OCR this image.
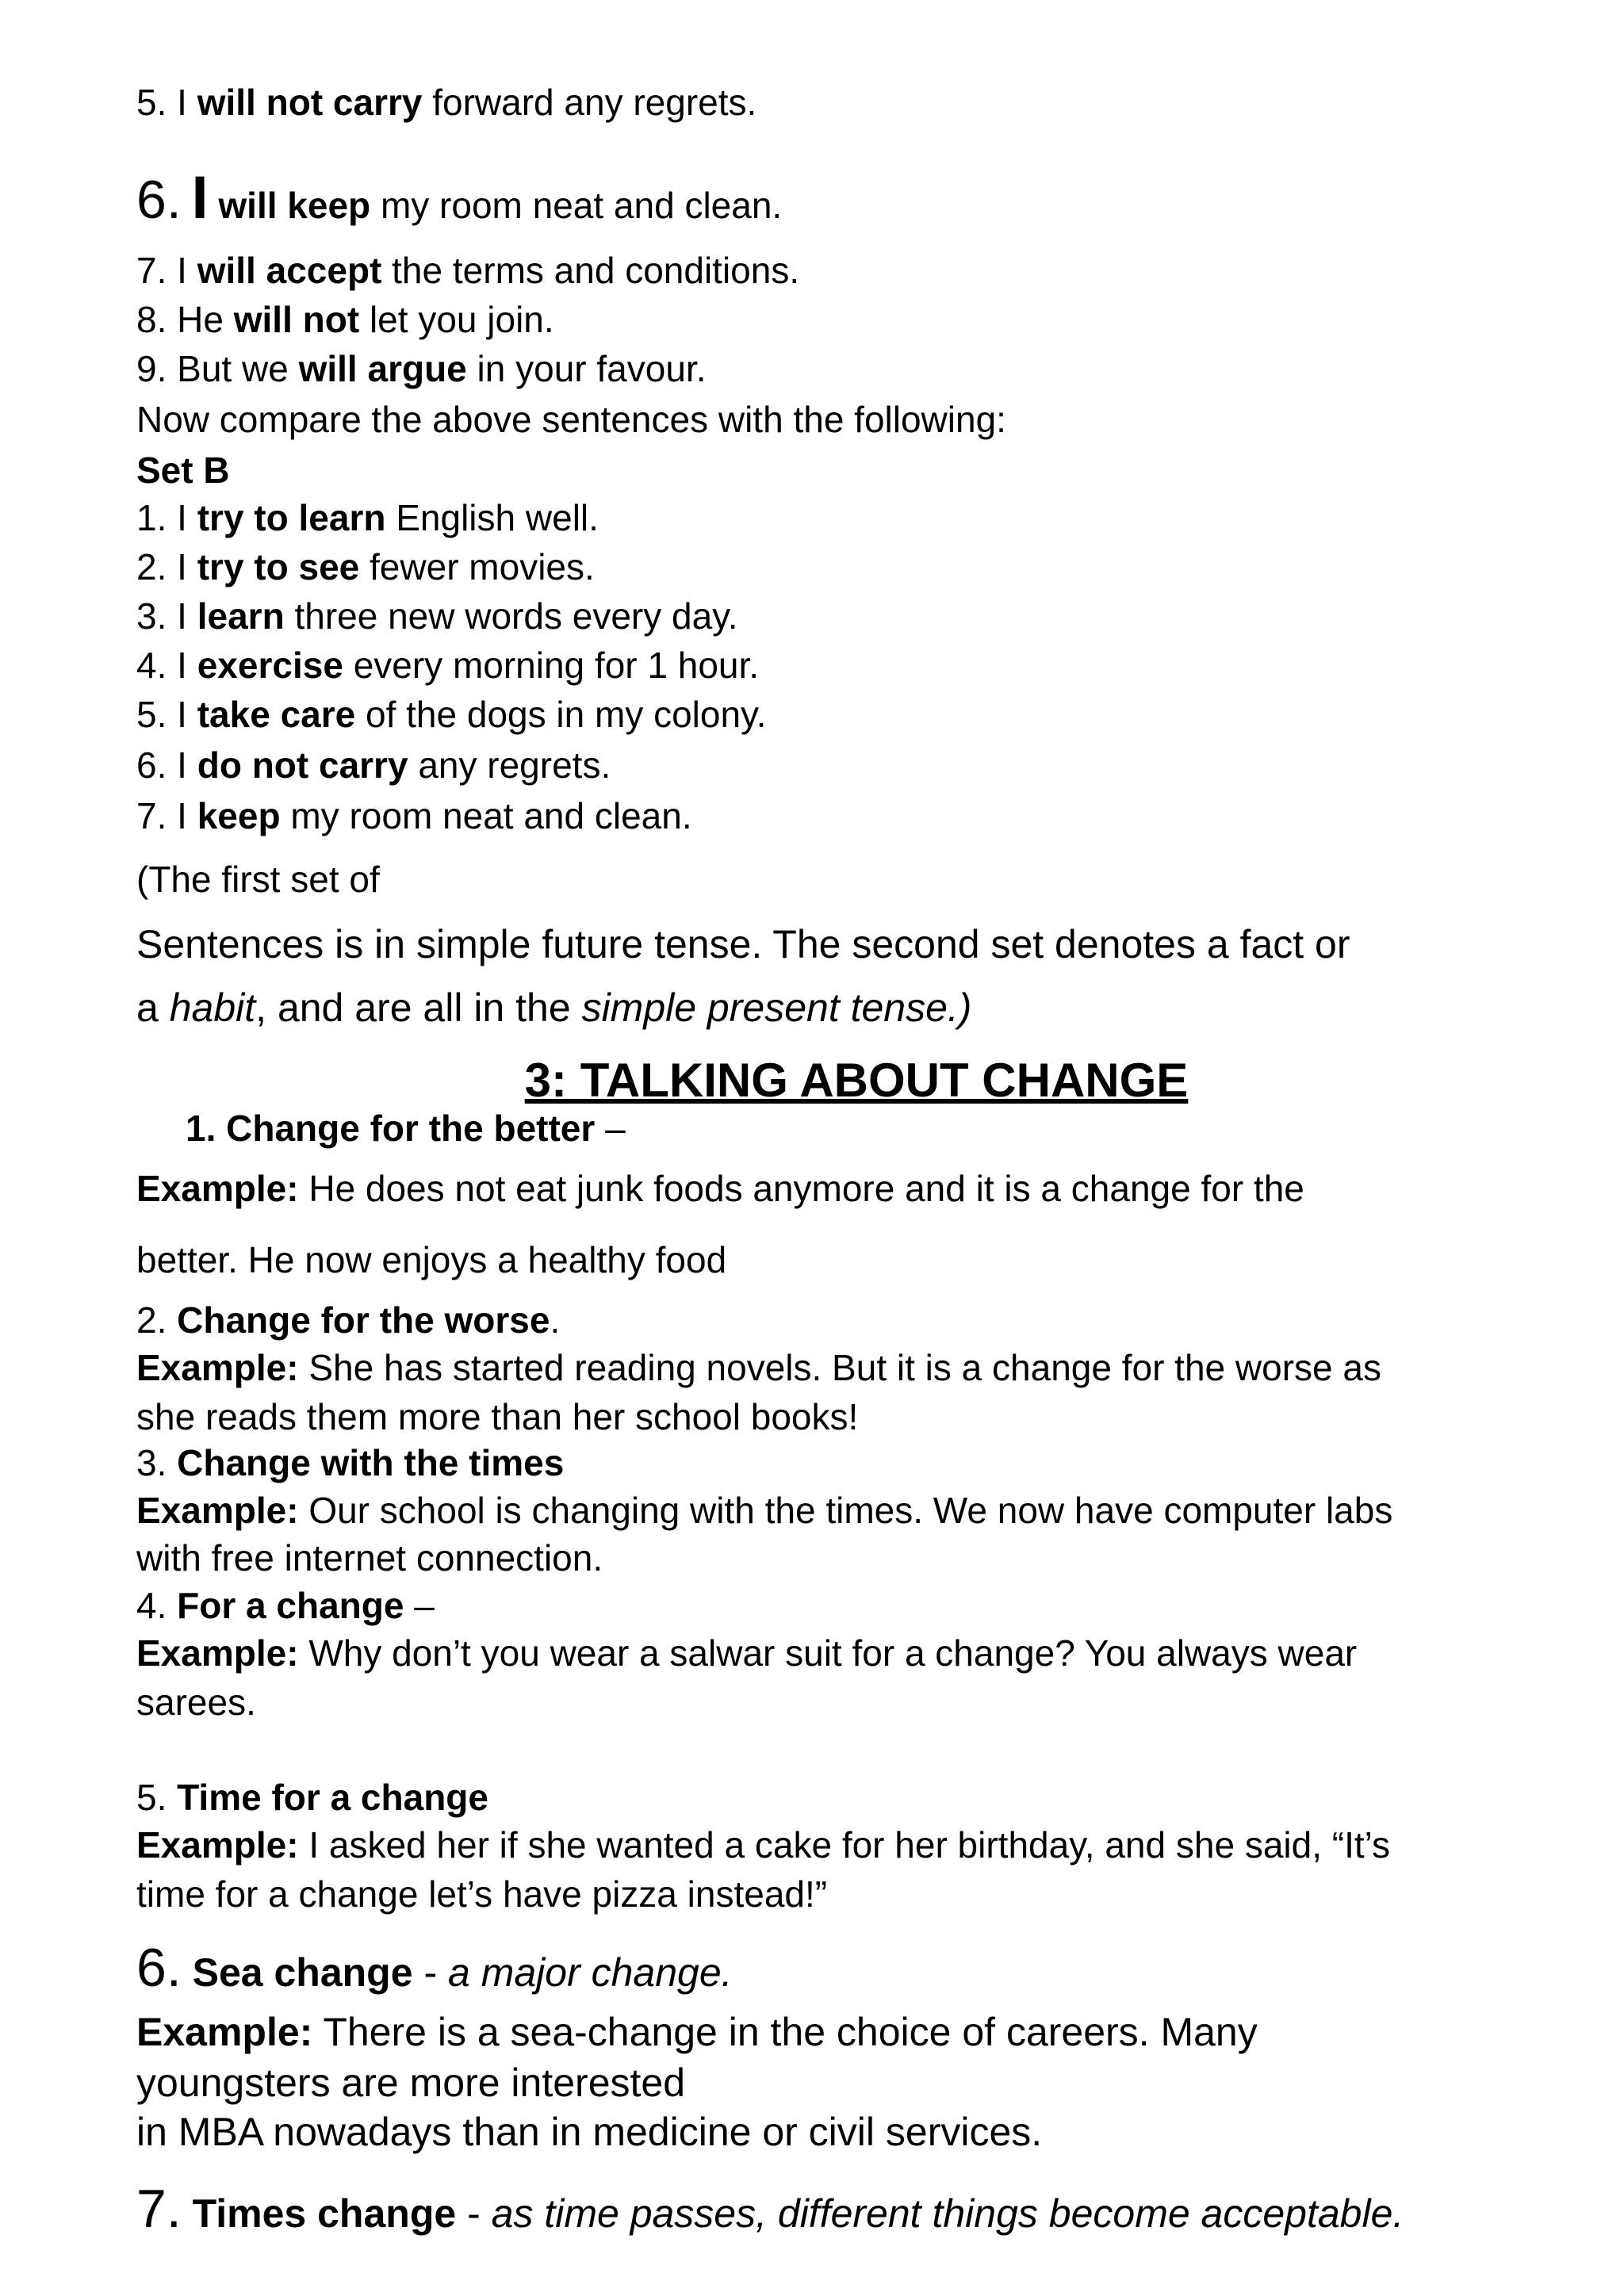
5. I will not carry forward any regrets.
6. I will keep my room neat and clean.
7. I will accept the terms and conditions.
8. He will not let you join.
9. But we will argue in your favour.
Now compare the above sentences with the following:
Set B
1. I try to learn English well.
2. I try to see fewer movies.
3. I learn three new words every day.
4. I exercise every morning for 1 hour.
5. I take care of the dogs in my colony.
6. I do not carry any regrets.
7. I keep my room neat and clean.
(The first set of
Sentences is in simple future tense. The second set denotes a fact or
a habit, and are all in the simple present tense.)
3: TALKING ABOUT CHANGE
1. Change for the better –
Example: He does not eat junk foods anymore and it is a change for the
better. He now enjoys a healthy food
2. Change for the worse.
Example: She has started reading novels. But it is a change for the worse as
she reads them more than her school books!
3. Change with the times
Example: Our school is changing with the times. We now have computer labs
with free internet connection.
4. For a change –
Example: Why don’t you wear a salwar suit for a change? You always wear
sarees.
5. Time for a change
Example: I asked her if she wanted a cake for her birthday, and she said, “It’s
time for a change let’s have pizza instead!”
6. Sea change - a major change.
Example: There is a sea-change in the choice of careers. Many
youngsters are more interested
in MBA nowadays than in medicine or civil services.
7. Times change - as time passes, different things become acceptable.
